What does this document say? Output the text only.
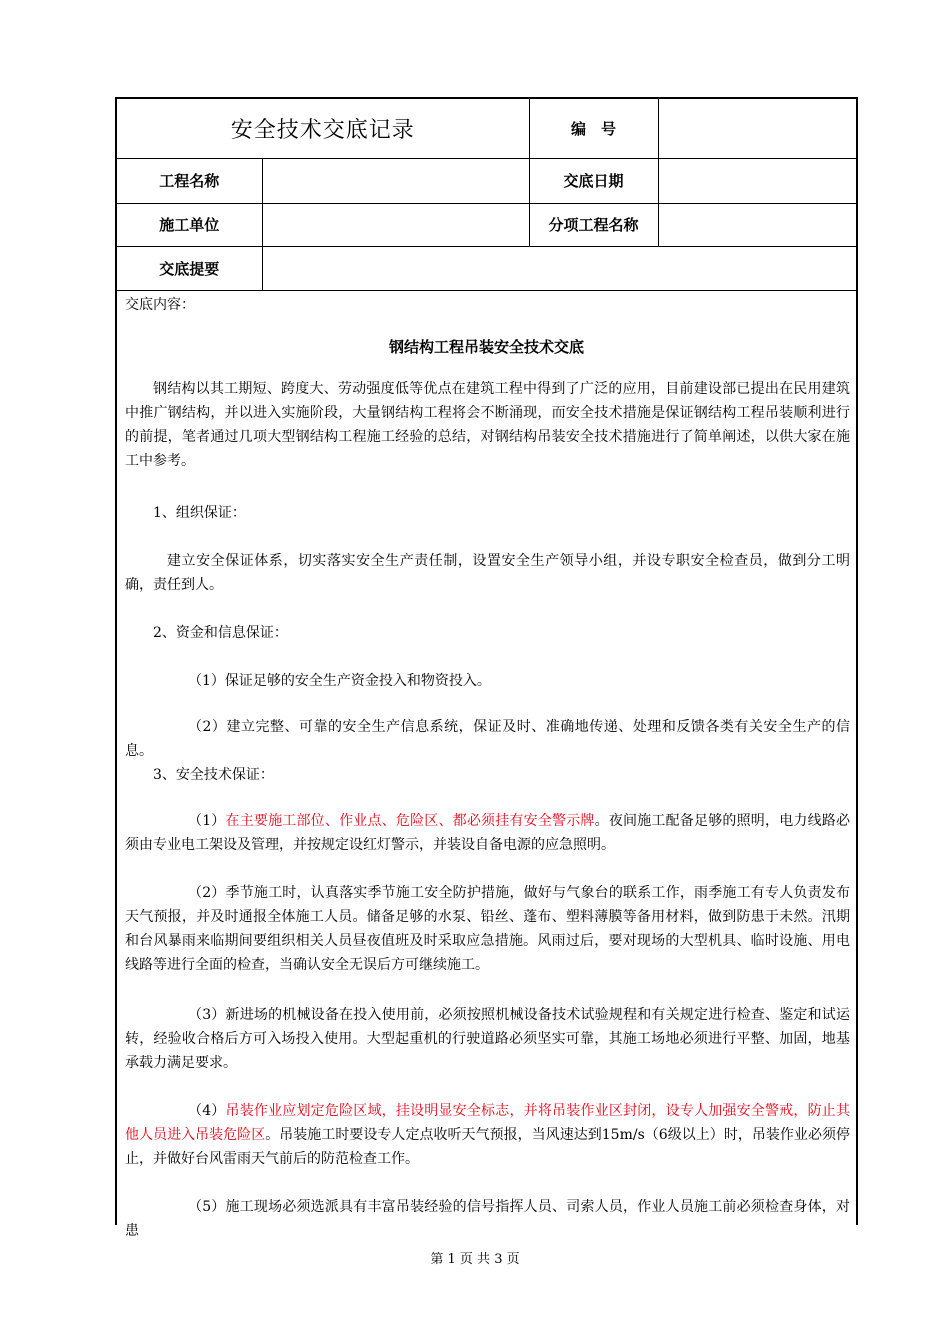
安全技术交底记录		编　号	
工程名称		交底日期	
施工单位		分项工程名称	
交底提要			
交底内容：
钢结构工程吊装安全技术交底
钢结构以其工期短、跨度大、劳动强度低等优点在建筑工程中得到了广泛的应用，目前建设部已提出在民用建筑中推广钢结构，并以进入实施阶段，大量钢结构工程将会不断涌现，而安全技术措施是保证钢结构工程吊装顺利进行的前提，笔者通过几项大型钢结构工程施工经验的总结，对钢结构吊装安全技术措施进行了简单阐述，以供大家在施工中参考。
1、组织保证：
建立安全保证体系，切实落实安全生产责任制，设置安全生产领导小组，并设专职安全检查员，做到分工明确，责任到人。
2、资金和信息保证：
（1）保证足够的安全生产资金投入和物资投入。
（2）建立完整、可靠的安全生产信息系统，保证及时、准确地传递、处理和反馈各类有关安全生产的信息。
3、安全技术保证：
（1）在主要施工部位、作业点、危险区、都必须挂有安全警示牌。夜间施工配备足够的照明，电力线路必须由专业电工架设及管理，并按规定设红灯警示，并装设自备电源的应急照明。
（2）季节施工时，认真落实季节施工安全防护措施，做好与气象台的联系工作，雨季施工有专人负责发布天气预报，并及时通报全体施工人员。储备足够的水泵、铅丝、蓬布、塑料薄膜等备用材料，做到防患于未然。汛期和台风暴雨来临期间要组织相关人员昼夜值班及时采取应急措施。风雨过后，要对现场的大型机具、临时设施、用电线路等进行全面的检查，当确认安全无误后方可继续施工。
（3）新进场的机械设备在投入使用前，必须按照机械设备技术试验规程和有关规定进行检查、鉴定和试运转，经验收合格后方可入场投入使用。大型起重机的行驶道路必须坚实可靠，其施工场地必须进行平整、加固，地基承载力满足要求。
（4）吊装作业应划定危险区域，挂设明显安全标志，并将吊装作业区封闭，设专人加强安全警戒，防止其他人员进入吊装危险区。吊装施工时要设专人定点收听天气预报，当风速达到15m/s（6级以上）时，吊装作业必须停止，并做好台风雷雨天气前后的防范检查工作。
（5）施工现场必须选派具有丰富吊装经验的信号指挥人员、司索人员，作业人员施工前必须检查身体，对患
第 1 页 共 3 页
